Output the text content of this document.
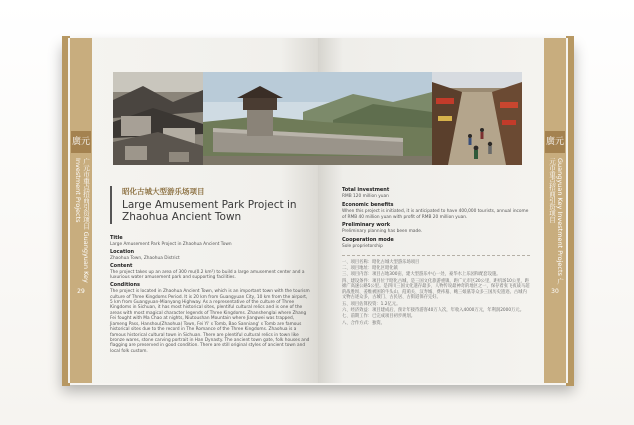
廣元
广元市重点招商引资项目 Guangyuan Key Investment Projects
29
廣元
Guangyuan Key Investment Projects 广元市重点招商引资项目
30
昭化古城大型游乐场项目
Large Amusement Park Project in
Zhaohua Ancient Town
Title

Large Amusement Park Project in Zhaohua Ancient Town

Location

Zhaohua Town, Zhaohua District

Content

The project takes up an area of 300 mu(0.2 km²) to build a large amusement center and a luxurious water amusement park and supporting facilities.

Conditions

The project is located in Zhaohua Ancient Town, which is an important town with the tourism culture of Three Kingdoms Period. It is 20 km from Guangyuan City, 10 km from the airport, 5 km from Guangyuan-Mianyang Highway. As a representative of the culture of Three Kingdoms in Sichuan, it has most historical sites, plentiful cultural relics and is one of the areas with most magical character legends of Three Kingdoms. Zhanshenglai where Zhang Fei fought with Ma Chao at nights, Niutoushan Mountain where Jiangwei was trapped, Jiameng Pass, Hanshou(Zhaohua) Town, Fei Yi' s Tomb, Bao Sanniang' s Tomb are famous historical sites due to the record in The Romance of the Three Kingdoms. Zhaohua is a famous historical cultural town in Sichuan. There are plentiful cultural relics in town like bronze wares, stone carving portrait in Han Dynasty. The ancient town gate, folk houses and flagging are preserved in good condition. There are still original styles of ancient town and local folk custom.

Total investment

RMB 120 million yuan

Economic benefits

When this project is initiated, it is anticipated to have 400,000 tourists, annual income of RMB 40 million yuan with profit of RMB 20 million yuan.

Preliminary work

Preliminary planning has been made.

Cooperation mode

Sole proprietorship

一、项目名称：昭化古城大型游乐场项目

二、项目地址：昭化区昭化镇

三、项目内容：项目占地300亩，建大型游乐中心一处，豪华水上乐园和配套设施。

四、建设条件：项目位于昭化古城，是三国文化旅游重镇，距广元市区20公里，距机场10公里，距绵广高速公路5公里。是四川三国文化遗存最多、人物传说最神奇的地区之一，保存着张飞夜战马超的战胜坝、姜维被困的牛头山、葭萌关、汉寿城、费祎墓、鲍三娘墓等众多三国历史遗迹。古城内文物古迹众多，古城门、古民居、古街道保存完好。

五、项目估算投资：1.2亿元。

六、经济效益：项目建成后，预计年接待游客40万人次，年收入4000万元，年利润2000万元。

七、前期工作：已完成项目初步规划。

八、合作方式：独资。
